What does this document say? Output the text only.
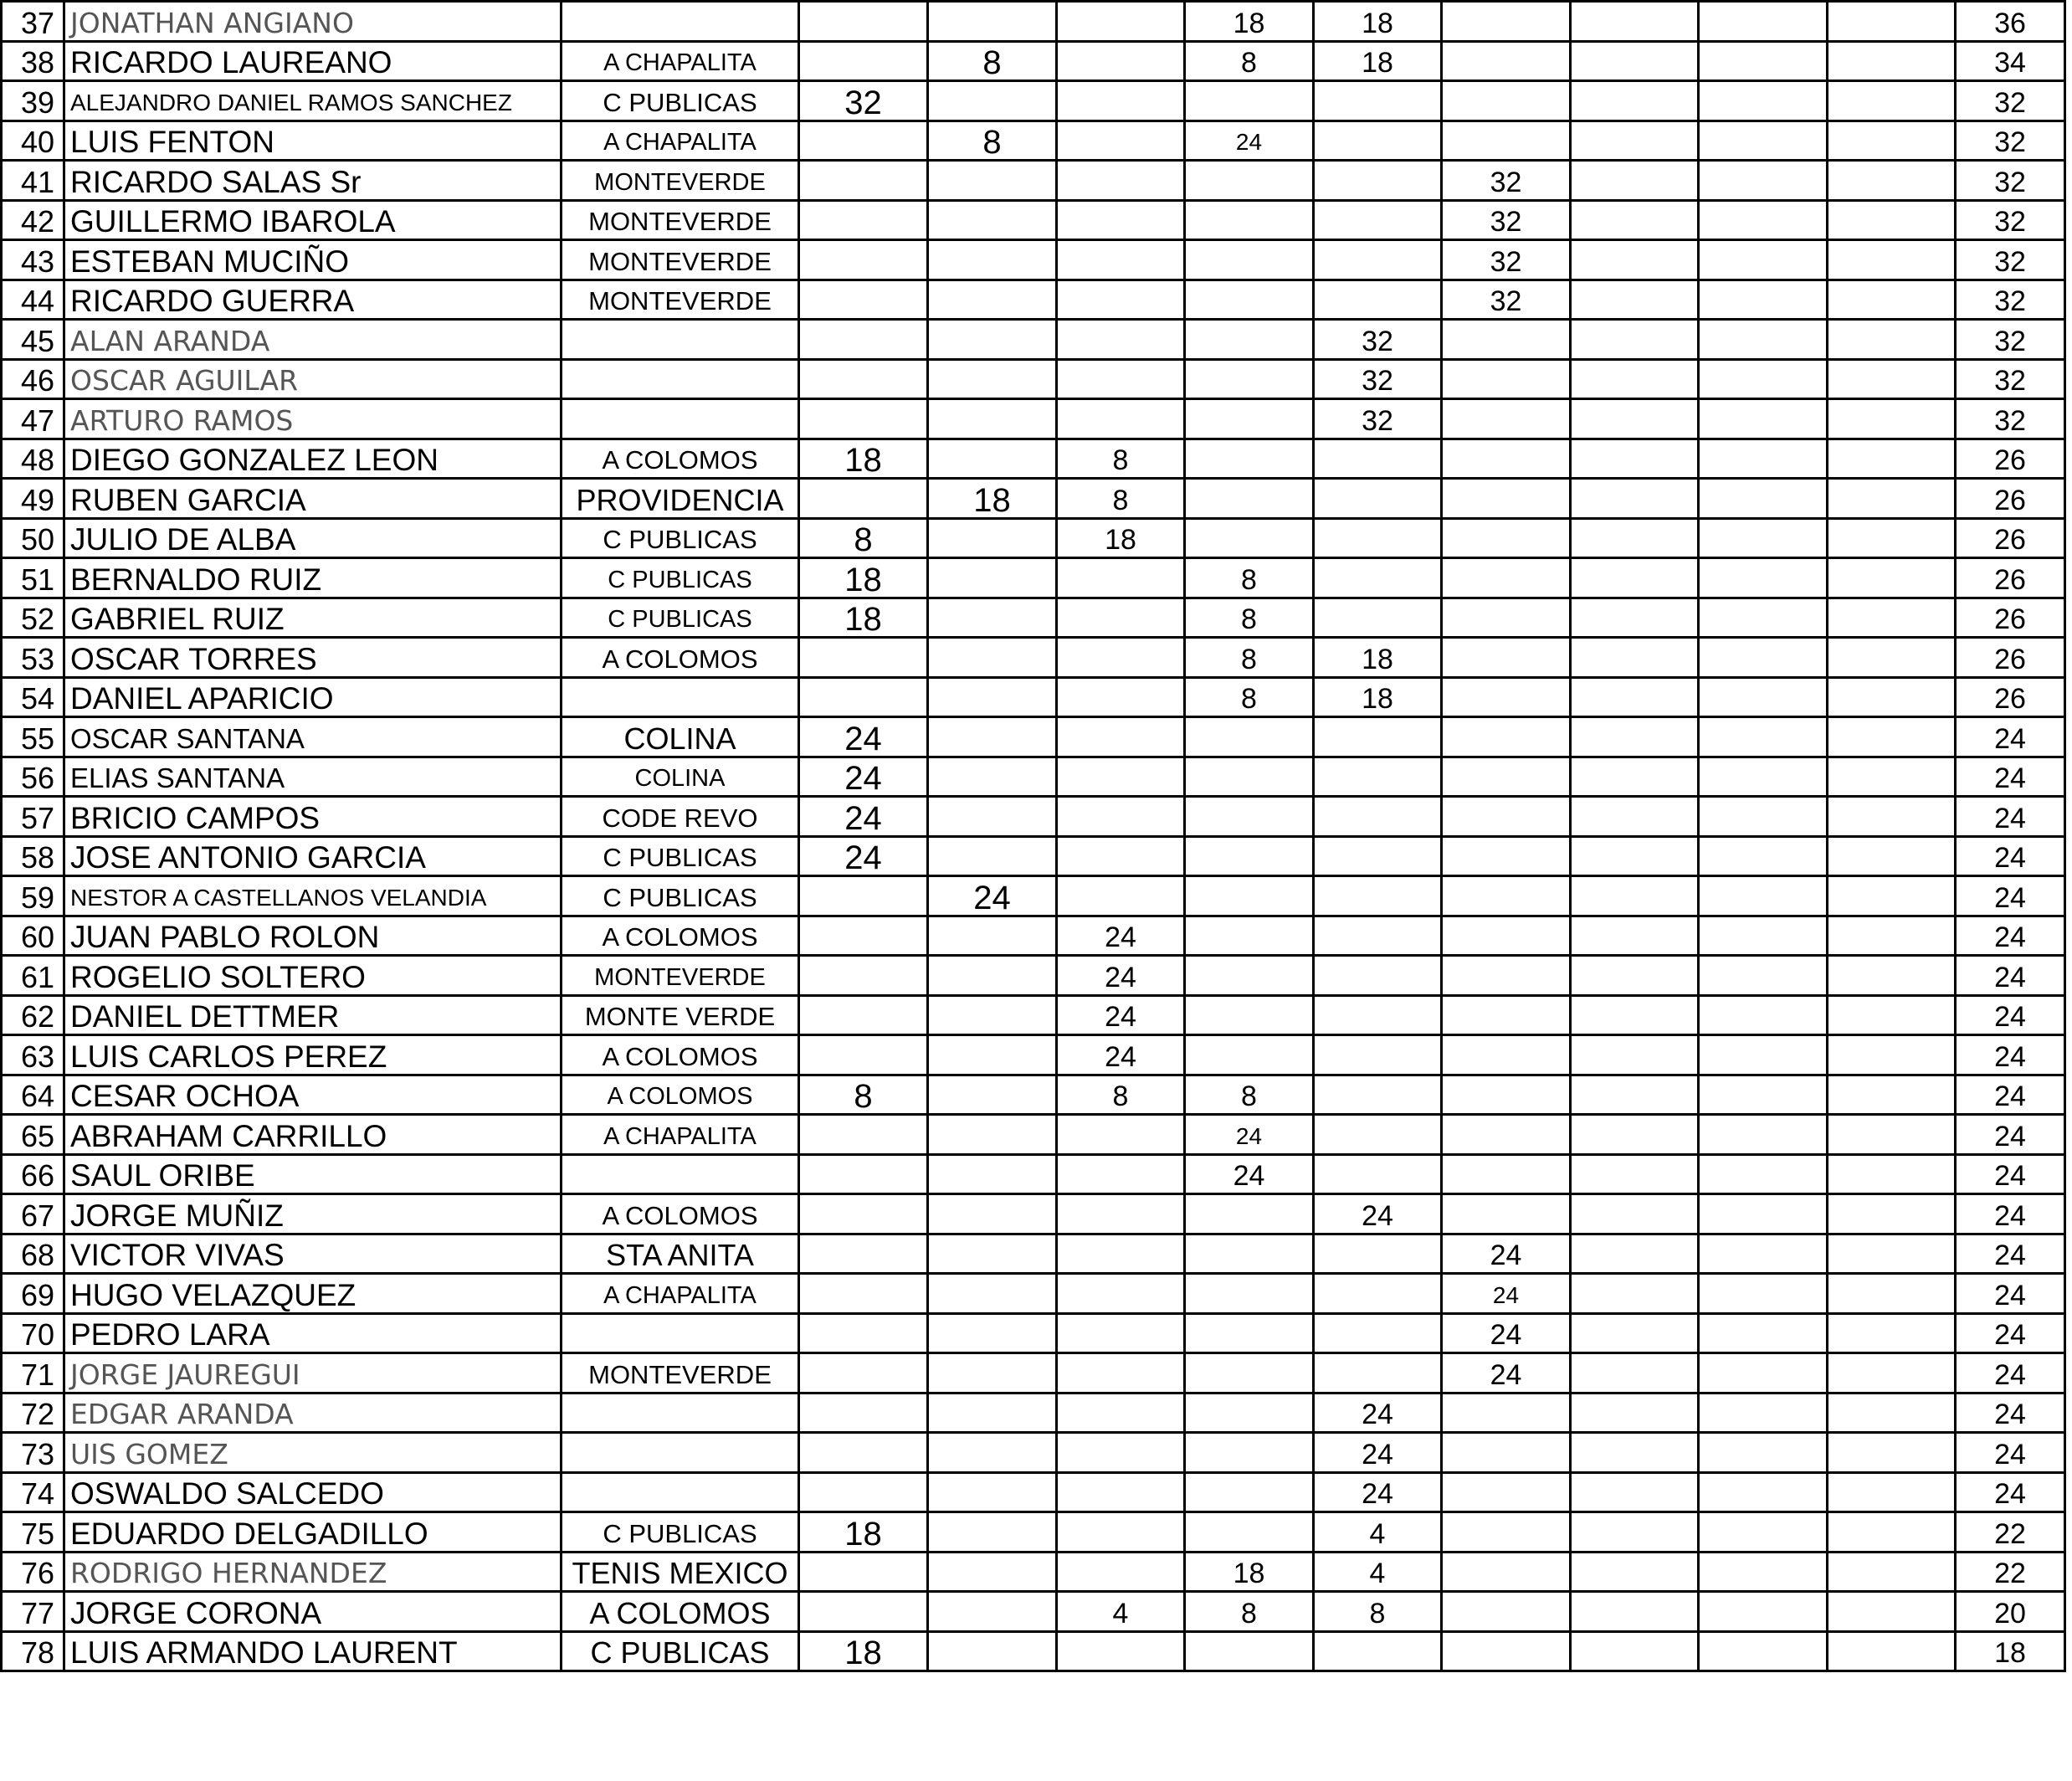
37	JONATHAN ANGIANO					18	18					36
38	RICARDO LAUREANO	A CHAPALITA		8		8	18					34
39	ALEJANDRO DANIEL RAMOS SANCHEZ	C PUBLICAS	32									32
40	LUIS FENTON	A CHAPALITA		8		24						32
41	RICARDO SALAS Sr	MONTEVERDE						32				32
42	GUILLERMO IBAROLA	MONTEVERDE						32				32
43	ESTEBAN MUCIÑO	MONTEVERDE						32				32
44	RICARDO GUERRA	MONTEVERDE						32				32
45	ALAN ARANDA						32					32
46	OSCAR AGUILAR						32					32
47	ARTURO RAMOS						32					32
48	DIEGO GONZALEZ LEON	A COLOMOS	18		8							26
49	RUBEN GARCIA	PROVIDENCIA		18	8							26
50	JULIO DE ALBA	C PUBLICAS	8		18							26
51	BERNALDO RUIZ	C PUBLICAS	18			8						26
52	GABRIEL RUIZ	C PUBLICAS	18			8						26
53	OSCAR TORRES	A COLOMOS				8	18					26
54	DANIEL APARICIO					8	18					26
55	OSCAR SANTANA	COLINA	24									24
56	ELIAS SANTANA	COLINA	24									24
57	BRICIO CAMPOS	CODE REVO	24									24
58	JOSE ANTONIO GARCIA	C PUBLICAS	24									24
59	NESTOR A CASTELLANOS VELANDIA	C PUBLICAS		24								24
60	JUAN PABLO ROLON	A COLOMOS			24							24
61	ROGELIO SOLTERO	MONTEVERDE			24							24
62	DANIEL DETTMER	MONTE VERDE			24							24
63	LUIS CARLOS PEREZ	A COLOMOS			24							24
64	CESAR OCHOA	A COLOMOS	8		8	8						24
65	ABRAHAM CARRILLO	A CHAPALITA				24						24
66	SAUL ORIBE					24						24
67	JORGE MUÑIZ	A COLOMOS					24					24
68	VICTOR VIVAS	STA ANITA						24				24
69	HUGO VELAZQUEZ	A CHAPALITA						24				24
70	PEDRO LARA							24				24
71	JORGE JAUREGUI	MONTEVERDE						24				24
72	EDGAR ARANDA						24					24
73	UIS GOMEZ						24					24
74	OSWALDO SALCEDO						24					24
75	EDUARDO DELGADILLO	C PUBLICAS	18				4					22
76	RODRIGO HERNANDEZ	TENIS MEXICO				18	4					22
77	JORGE CORONA	A COLOMOS			4	8	8					20
78	LUIS ARMANDO LAURENT	C PUBLICAS	18									18
